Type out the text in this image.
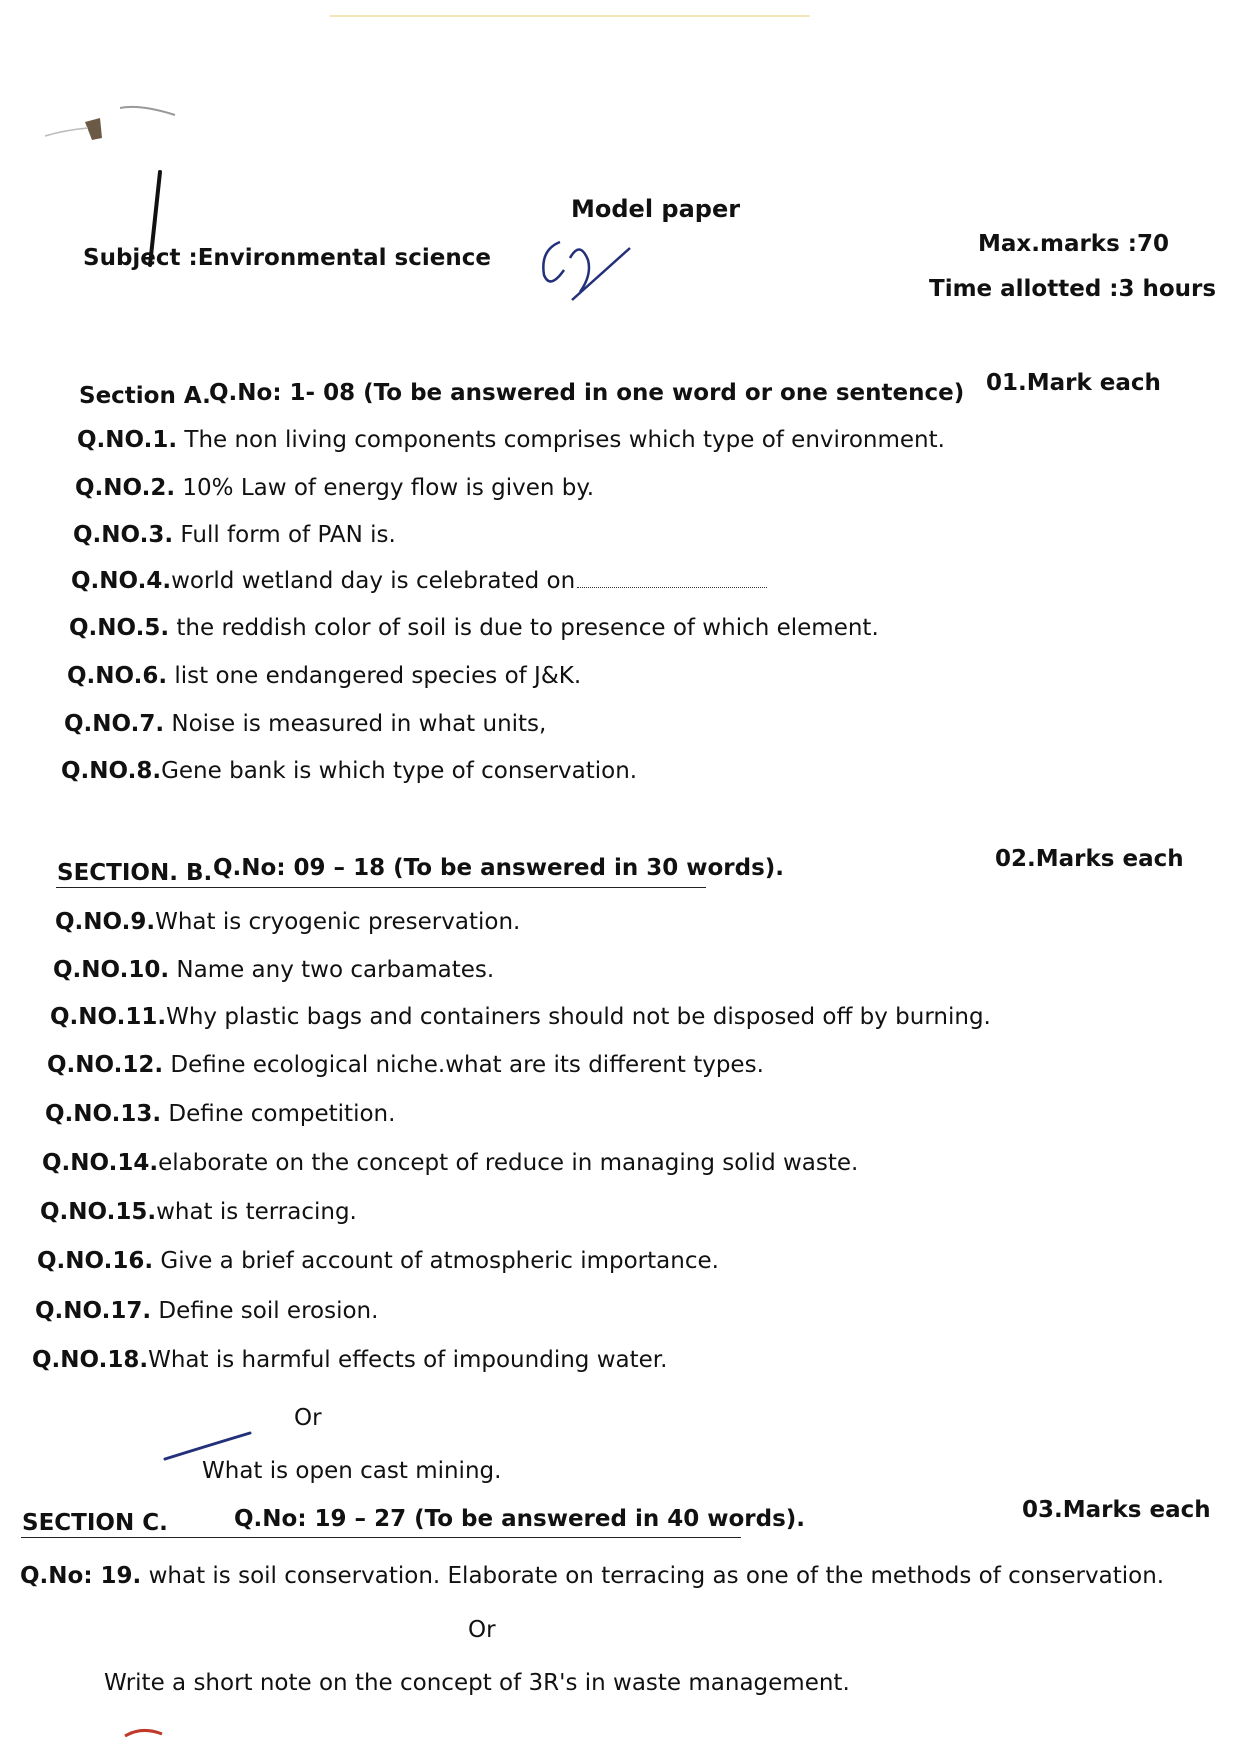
Model paper
Subject :Environmental science
Max.marks :70
Time allotted :3 hours
Section A.
Q.No: 1- 08 (To be answered in one word or one sentence) 01.Mark each
Q.NO.1. The non living components comprises which type of environment.
Q.NO.2. 10% Law of energy flow is given by.
Q.NO.3. Full form of PAN is.
Q.NO.4.world wetland day is celebrated on
Q.NO.5. the reddish color of soil is due to presence of which element.
Q.NO.6. list one endangered species of J&K.
Q.NO.7. Noise is measured in what units,
Q.NO.8.Gene bank is which type of conservation.
SECTION. B. Q.No: 09 – 18 (To be answered in 30 words).	02.Marks each
Q.NO.9.What is cryogenic preservation.
Q.NO.10. Name any two carbamates.
Q.NO.11.Why plastic bags and containers should not be disposed off by burning.
Q.NO.12. Define ecological niche.what are its different types.
Q.NO.13. Define competition.
Q.NO.14.elaborate on the concept of reduce in managing solid waste.
Q.NO.15.what is terracing.
Q.NO.16. Give a brief account of atmospheric importance.
Q.NO.17. Define soil erosion.
Q.NO.18.What is harmful effects of impounding water.
Or
What is open cast mining.
SECTION C.	Q.No: 19 – 27 (To be answered in 40 words).	03.Marks each
Q.No: 19. what is soil conservation. Elaborate on terracing as one of the methods of conservation.
Or
Write a short note on the concept of 3R's in waste management.
